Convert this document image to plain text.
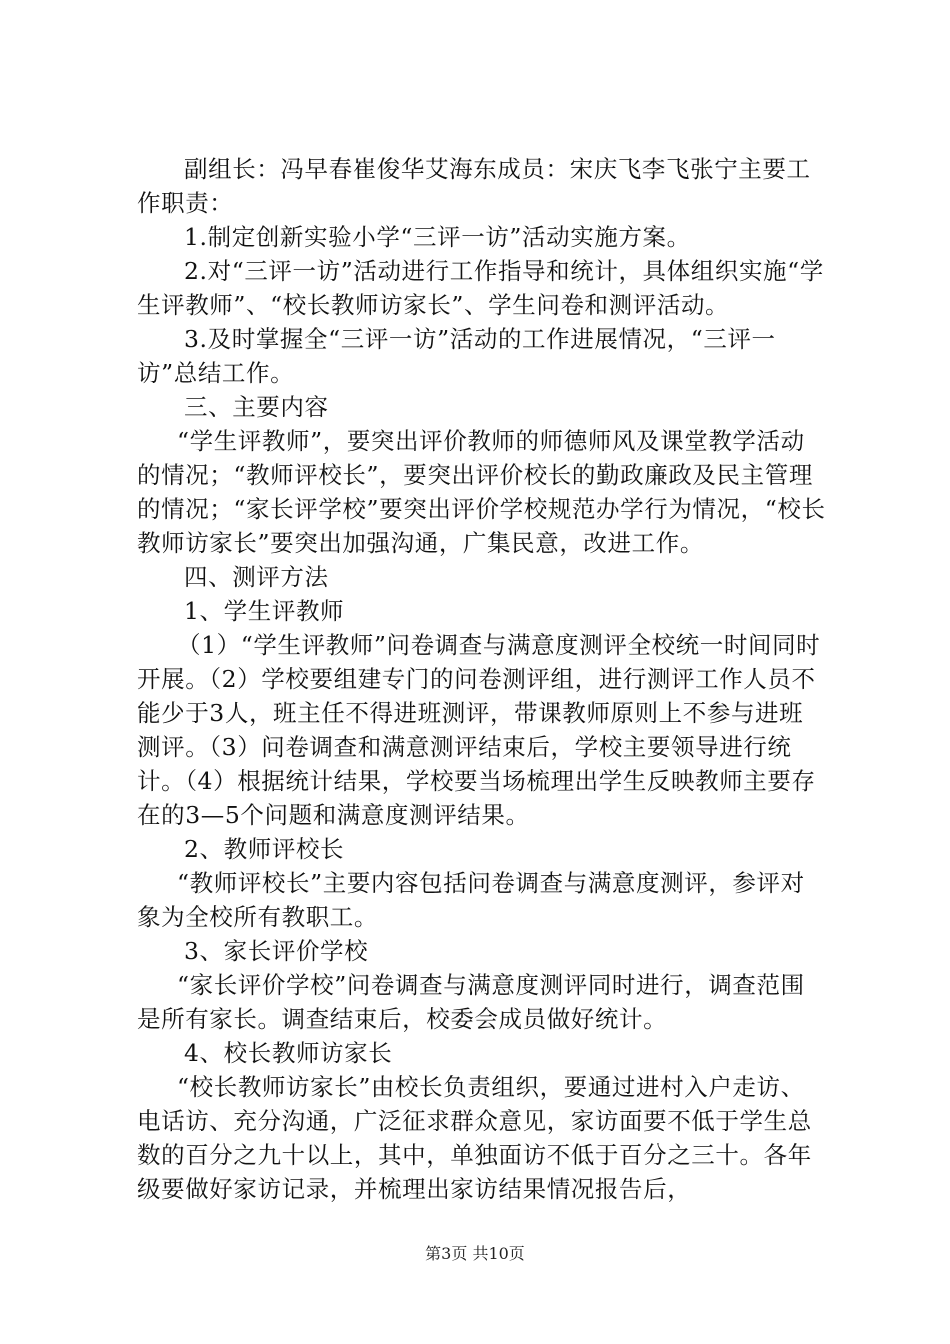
副组长：冯早春崔俊华艾海东成员：宋庆飞李飞张宁主要工作职责：

1.制定创新实验小学“三评一访”活动实施方案。

2.对“三评一访”活动进行工作指导和统计，具体组织实施“学生评教师”、“校长教师访家长”、学生问卷和测评活动。

3.及时掌握全“三评一访”活动的工作进展情况，“三评一访”总结工作。

三、主要内容

“学生评教师”，要突出评价教师的师德师风及课堂教学活动的情况；“教师评校长”，要突出评价校长的勤政廉政及民主管理的情况；“家长评学校”要突出评价学校规范办学行为情况，“校长教师访家长”要突出加强沟通，广集民意，改进工作。

四、测评方法

1、学生评教师

（1）“学生评教师”问卷调查与满意度测评全校统一时间同时开展。（2）学校要组建专门的问卷测评组，进行测评工作人员不能少于3人，班主任不得进班测评，带课教师原则上不参与进班测评。（3）问卷调查和满意测评结束后，学校主要领导进行统计。（4）根据统计结果，学校要当场梳理出学生反映教师主要存在的3—5个问题和满意度测评结果。

2、教师评校长

“教师评校长”主要内容包括问卷调查与满意度测评，参评对象为全校所有教职工。

3、家长评价学校

“家长评价学校”问卷调查与满意度测评同时进行，调查范围是所有家长。调查结束后，校委会成员做好统计。

4、校长教师访家长

“校长教师访家长”由校长负责组织，要通过进村入户走访、电话访、充分沟通，广泛征求群众意见，家访面要不低于学生总数的百分之九十以上，其中，单独面访不低于百分之三十。各年级要做好家访记录，并梳理出家访结果情况报告后，

第3页 共10页
